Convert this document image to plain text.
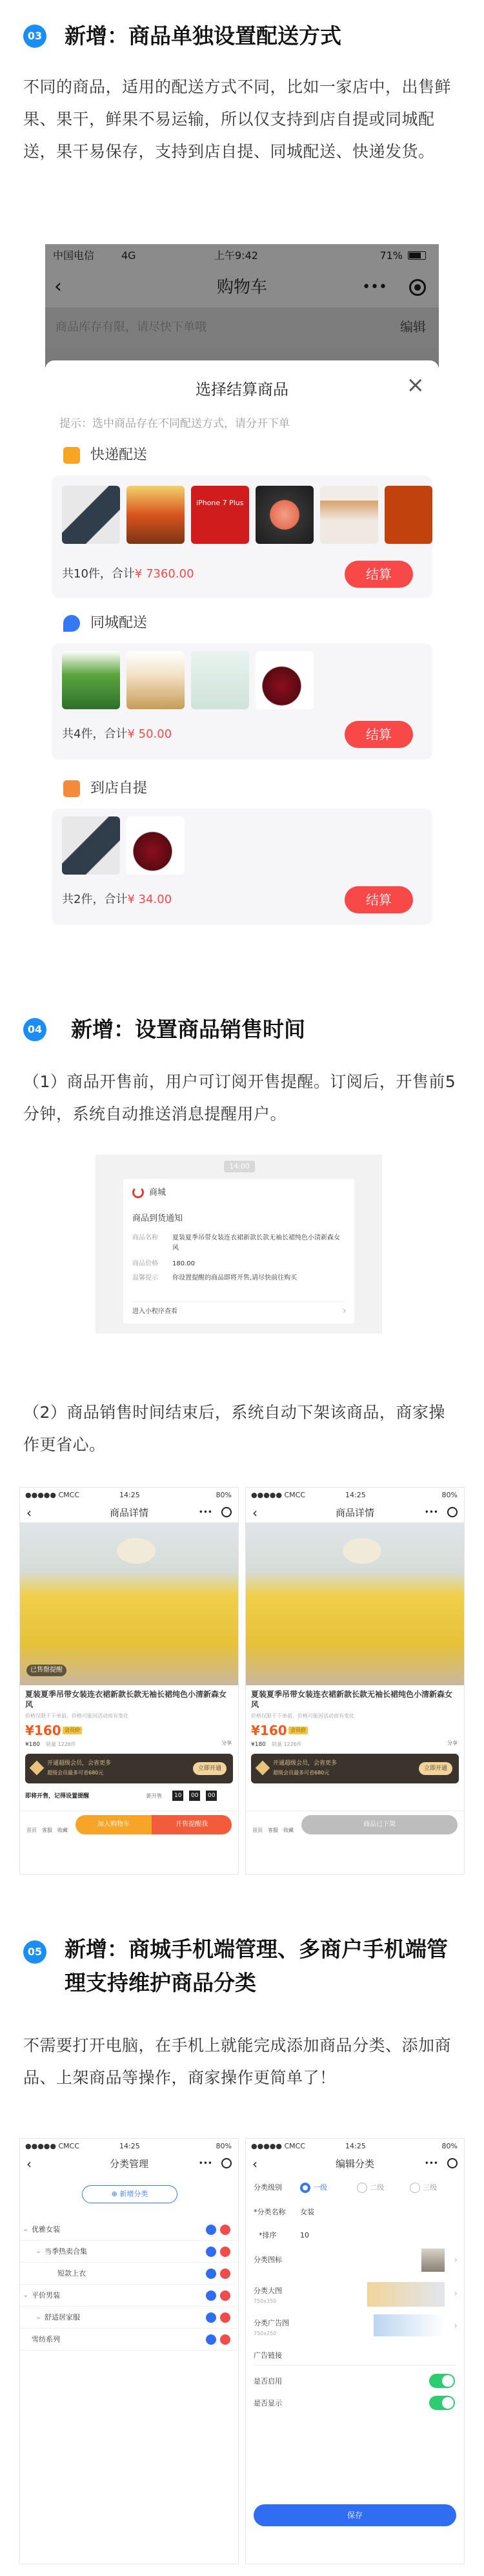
03 新增：商品单独设置配送方式
不同的商品，适用的配送方式不同，比如一家店中，出售鲜果、果干，鲜果不易运输，所以仅支持到店自提或同城配送，果干易保存，支持到店自提、同城配送、快递发货。
中国电信	4G	上午9:42	71%
‹	购物车	•••
商品库存有限，请尽快下单哦	编辑
选择结算商品	×
提示：选中商品存在不同配送方式，请分开下单
快递配送
iPhone 7 Plus
共10件，合计¥ 7360.00	结算
同城配送
共4件，合计¥ 50.00	结算
到店自提
共2件，合计¥ 34.00	结算
04 新增：设置商品销售时间
（1）商品开售前，用户可订阅开售提醒。订阅后，开售前5分钟，系统自动推送消息提醒用户。
14:00
商城
商品到货通知
商品名称 夏装夏季吊带女装连衣裙新款长款无袖长裙纯色小清新森女风
商品价格 180.00
温馨提示 你设置提醒的商品即将开售,请尽快前往购买
进入小程序查看	›
（2）商品销售时间结束后，系统自动下架该商品，商家操作更省心。
●●●●● CMCC	14:25	80%
‹	商品详情	•••
已售罄提醒
夏装夏季吊带女装连衣裙新款长款无袖长裙纯色小清新森女风
价格仅限于下单前，价格可能因活动而有变化
¥160 会员价
¥180 销量 1226件	分享
开通超级会员，会省更多
超级会员最多可省680元
立即开通
即将开售，记得设置提醒	距开售	10	00	00
首页 客服 收藏
加入购物车	开售提醒我
●●●●● CMCC	14:25	80%
‹	商品详情	•••
夏装夏季吊带女装连衣裙新款长款无袖长裙纯色小清新森女风
价格仅限于下单前，价格可能因活动而有变化
¥160 会员价
¥180 销量 1226件	分享
开通超级会员，会省更多
超级会员最多可省680元
立即开通
首页 客服 收藏
商品已下架
05 新增：商城手机端管理、多商户手机端管理支持维护商品分类
不需要打开电脑，在手机上就能完成添加商品分类、添加商品、上架商品等操作，商家操作更简单了！
●●●●● CMCC	14:25	80%
‹	分类管理	•••
⊕ 新增分类
⌄ 优雅女装
⌄ 当季热卖合集
短款上衣
⌄ 平价男装
⌄ 舒适居家服
雪纺系列
●●●●● CMCC	14:25	80%
‹	编辑分类	•••
分类级别	一级	二级	三级
*分类名称 女装
*排序	10
分类图标	›
分类大图
750x350
›
分类广告图
750x250
›
广告链接
是否启用
是否显示
保存
